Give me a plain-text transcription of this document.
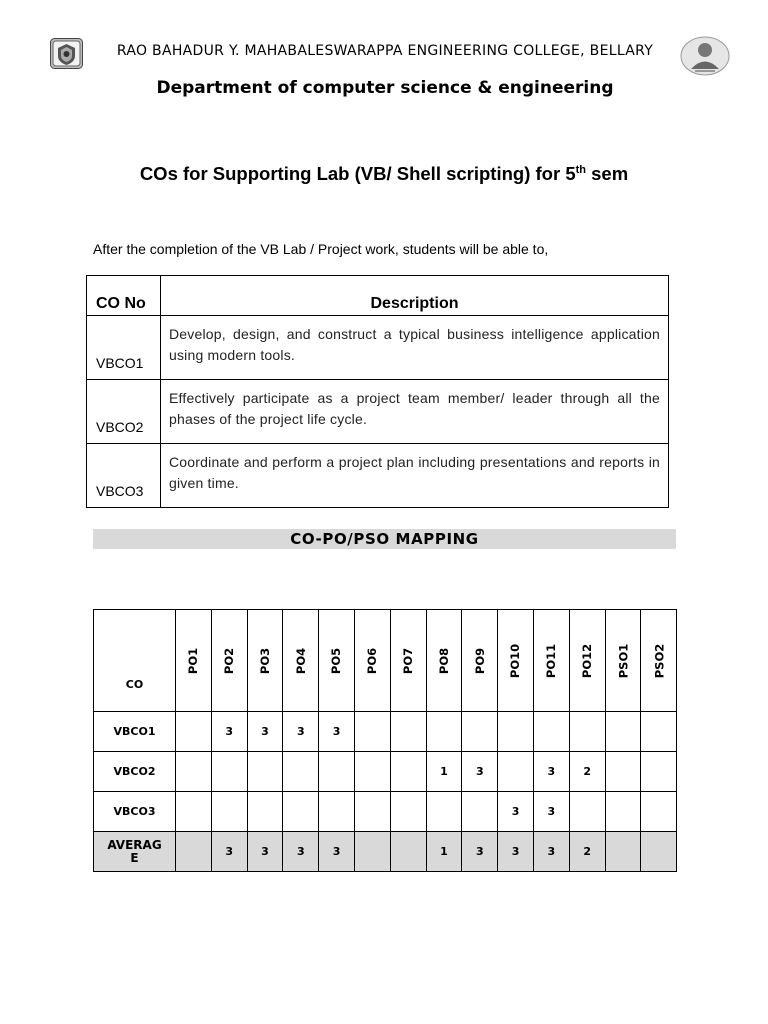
RAO BAHADUR Y. MAHABALESWARAPPA ENGINEERING COLLEGE, BELLARY
Department of computer science & engineering
COs for Supporting Lab (VB/ Shell scripting) for 5th sem
After the completion of the VB Lab / Project work, students will be able to,
CO No	Description
VBCO1	Develop, design, and construct a typical business intelligence application using modern tools.
VBCO2	Effectively participate as a project team member/ leader through all the phases of the project life cycle.
VBCO3	Coordinate and perform a project plan including presentations and reports in given time.
CO-PO/PSO MAPPING
CO	PO1	PO2	PO3	PO4	PO5	PO6	PO7	PO8	PO9	PO10	PO11	PO12	PSO1	PSO2
VBCO1		3	3	3	3									
VBCO2								1	3		3	2		
VBCO3										3	3			
AVERAGE		3	3	3	3			1	3	3	3	2		
